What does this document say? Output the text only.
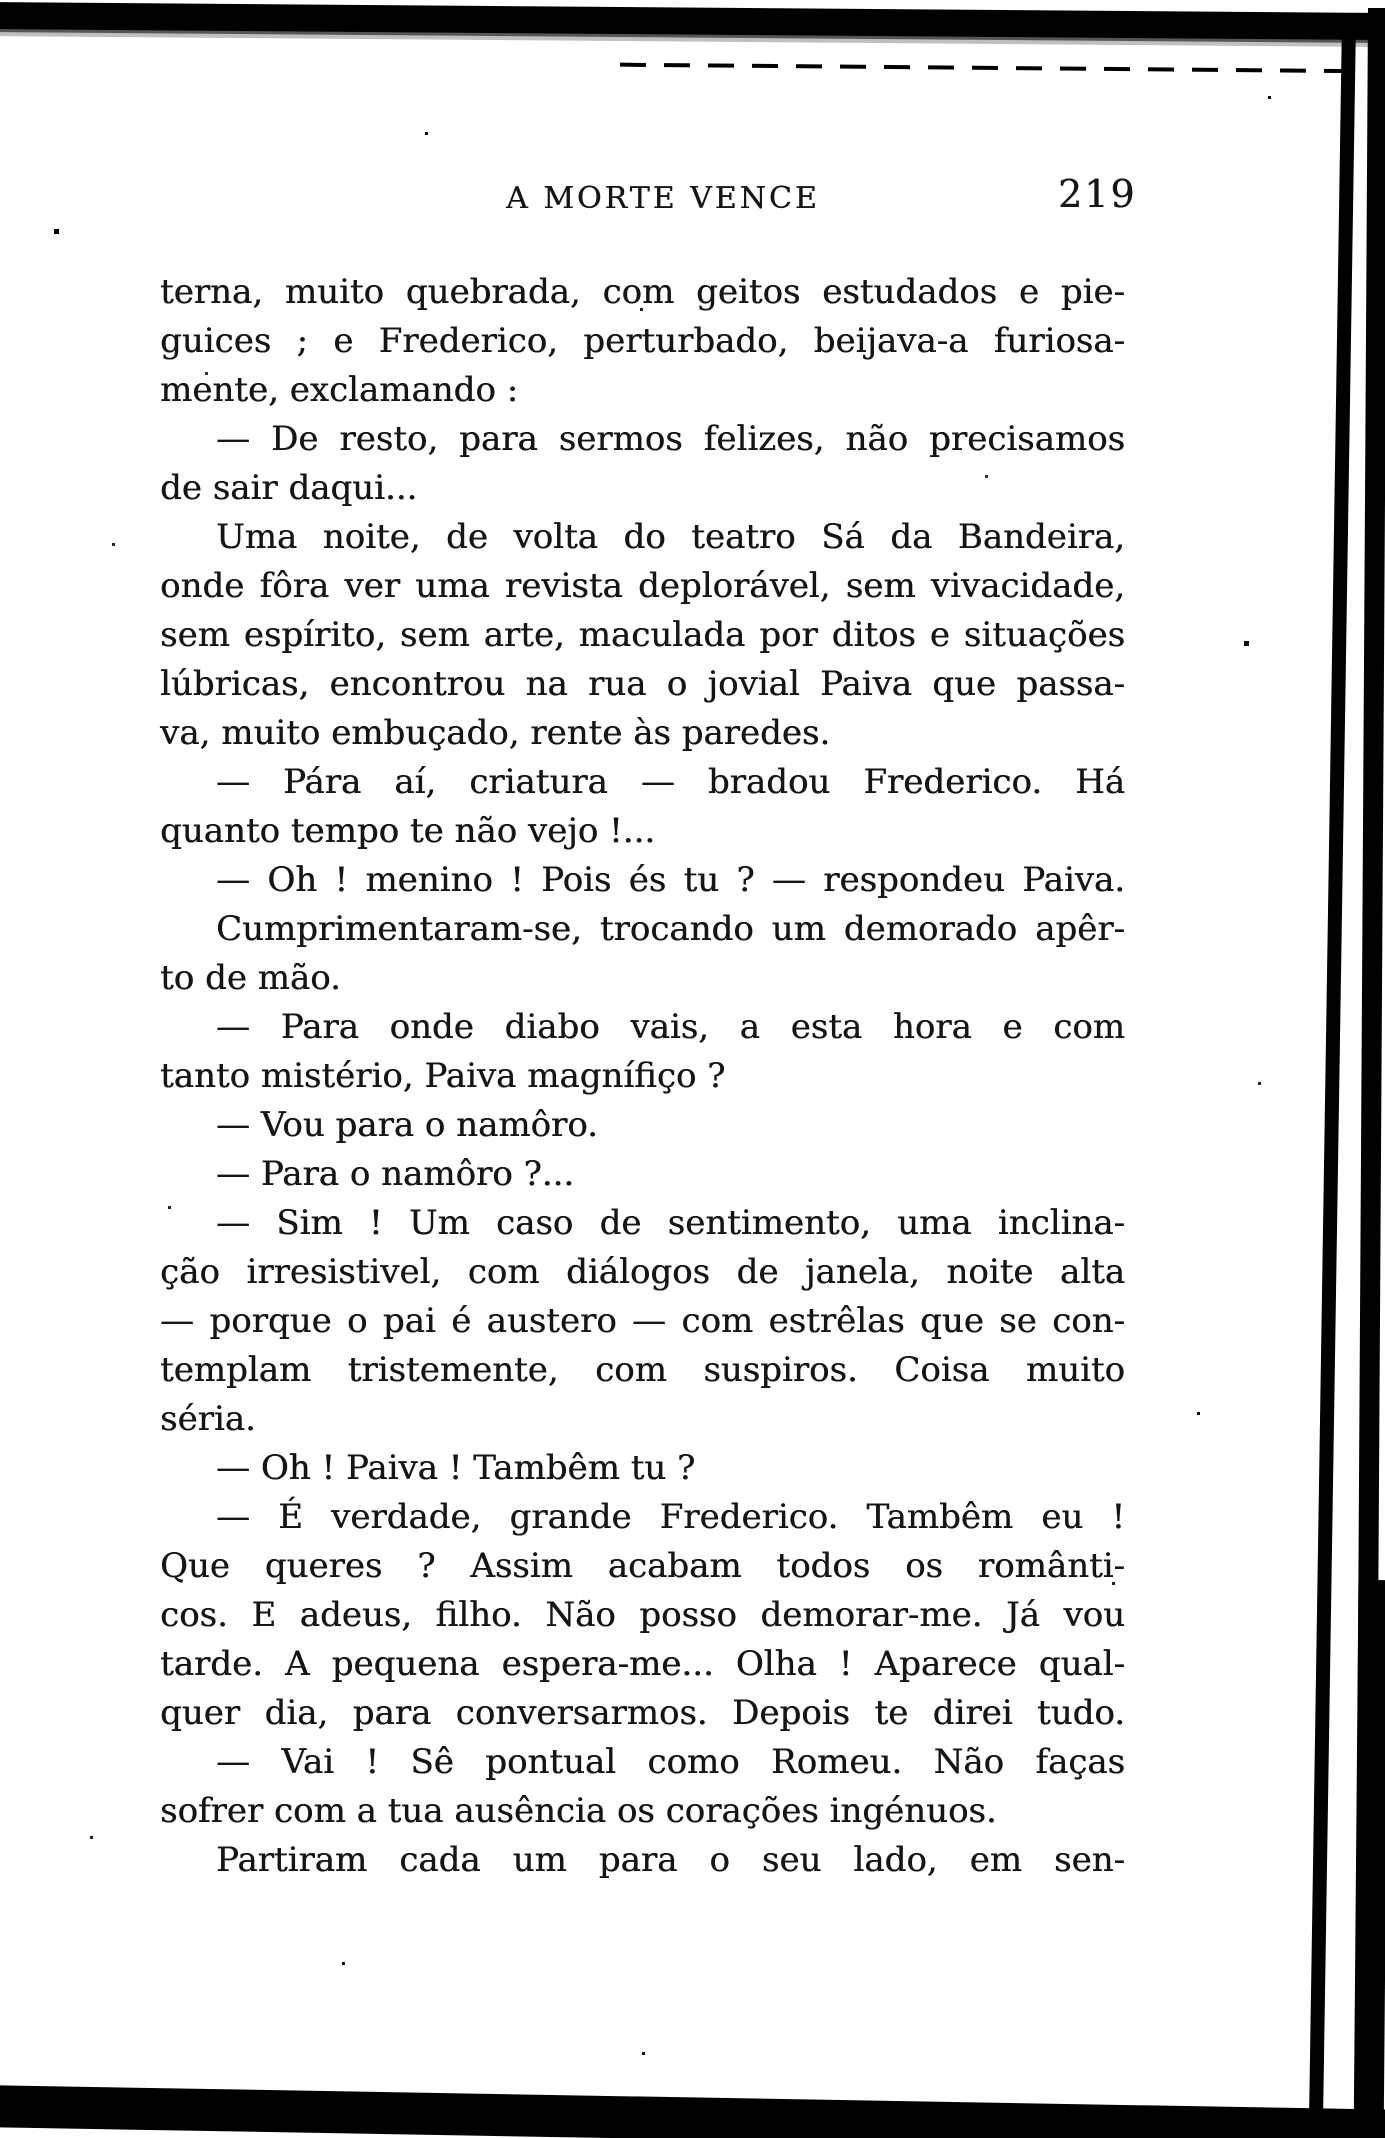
A MORTE VENCE	219
terna, muito quebrada, com geitos estudados e pie-
guices ; e Frederico, perturbado, beijava-a furiosa-
mente, exclamando :
— De resto, para sermos felizes, não precisamos
de sair daqui...
Uma noite, de volta do teatro Sá da Bandeira,
onde fôra ver uma revista deplorável, sem vivacidade,
sem espírito, sem arte, maculada por ditos e situações
lúbricas, encontrou na rua o jovial Paiva que passa-
va, muito embuçado, rente às paredes.
— Pára aí, criatura — bradou Frederico. Há
quanto tempo te não vejo !...
— Oh ! menino ! Pois és tu ? — respondeu Paiva.
Cumprimentaram-se, trocando um demorado apêr-
to de mão.
— Para onde diabo vais, a esta hora e com
tanto mistério, Paiva magnífiço ?
— Vou para o namôro.
— Para o namôro ?...
— Sim ! Um caso de sentimento, uma inclina-
ção irresistivel, com diálogos de janela, noite alta
— porque o pai é austero — com estrêlas que se con-
templam tristemente, com suspiros. Coisa muito
séria.
— Oh ! Paiva ! Tambêm tu ?
— É verdade, grande Frederico. Tambêm eu !
Que queres ? Assim acabam todos os românti-
cos. E adeus, filho. Não posso demorar-me. Já vou
tarde. A pequena espera-me... Olha ! Aparece qual-
quer dia, para conversarmos. Depois te direi tudo.
— Vai ! Sê pontual como Romeu. Não faças
sofrer com a tua ausência os corações ingénuos.
Partiram cada um para o seu lado, em sen-
